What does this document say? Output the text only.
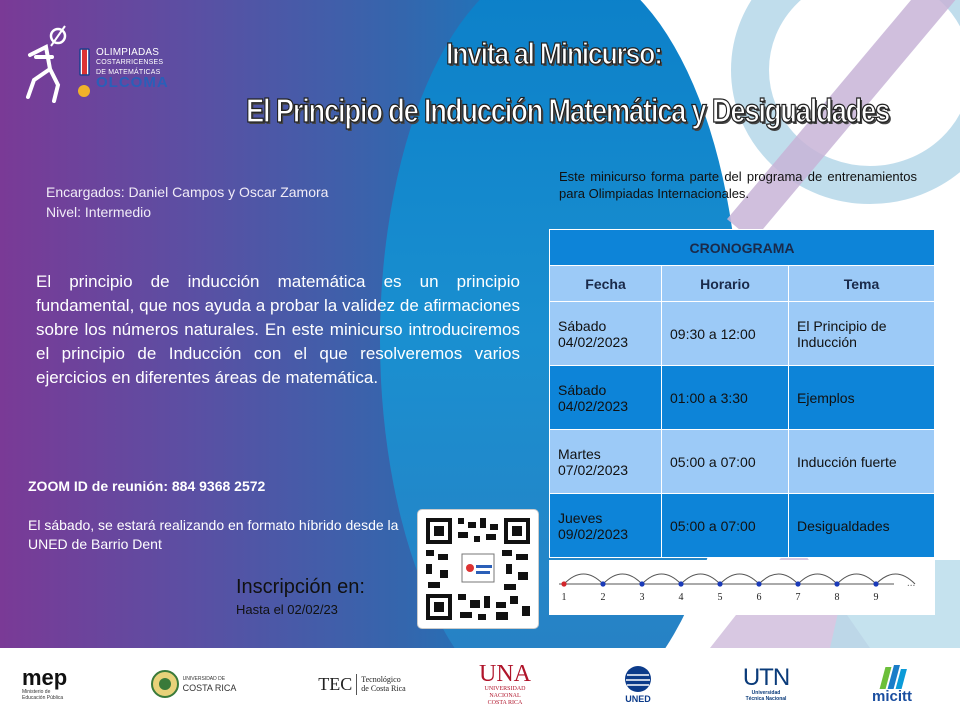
OLIMPIADAS
COSTARRICENSES
DE MATEMÁTICAS
OLCOMA
Invita al Minicurso:
El Principio de Inducción Matemática y Desigualdades
Encargados: Daniel Campos y Oscar Zamora
Nivel: Intermedio

El principio de inducción matemática es un principio fundamental, que nos ayuda a probar la validez de afirmaciones sobre los números naturales. En este minicurso introduciremos el principio de Inducción con el que resolveremos varios ejercicios en diferentes áreas de matemática.

ZOOM ID de reunión: 884 9368 2572
El sábado, se estará realizando en formato híbrido desde la UNED de Barrio Dent
Inscripción en:
Hasta el 02/02/23

Este minicurso forma parte del programa de entrenamientos para Olimpiadas Internacionales.

CRONOGRAMA		
Fecha	Horario	Tema
Sábado 04/02/2023	09:30 a 12:00	El Principio de Inducción
Sábado 04/02/2023	01:00 a 3:30	Ejemplos
Martes 07/02/2023	05:00 a 07:00	Inducción fuerte
Jueves 09/02/2023	05:00 a 07:00	Desigualdades
1	2	3	4	5	6	7	8	9
...
mep
Ministerio de Educación Pública
UNIVERSIDAD DE
COSTA RICA	TEC	Tecnológico
de Costa Rica
UNA
UNIVERSIDAD
NACIONAL
COSTA RICA	UNED
UTN
Universidad
Técnica Nacional	micitt
